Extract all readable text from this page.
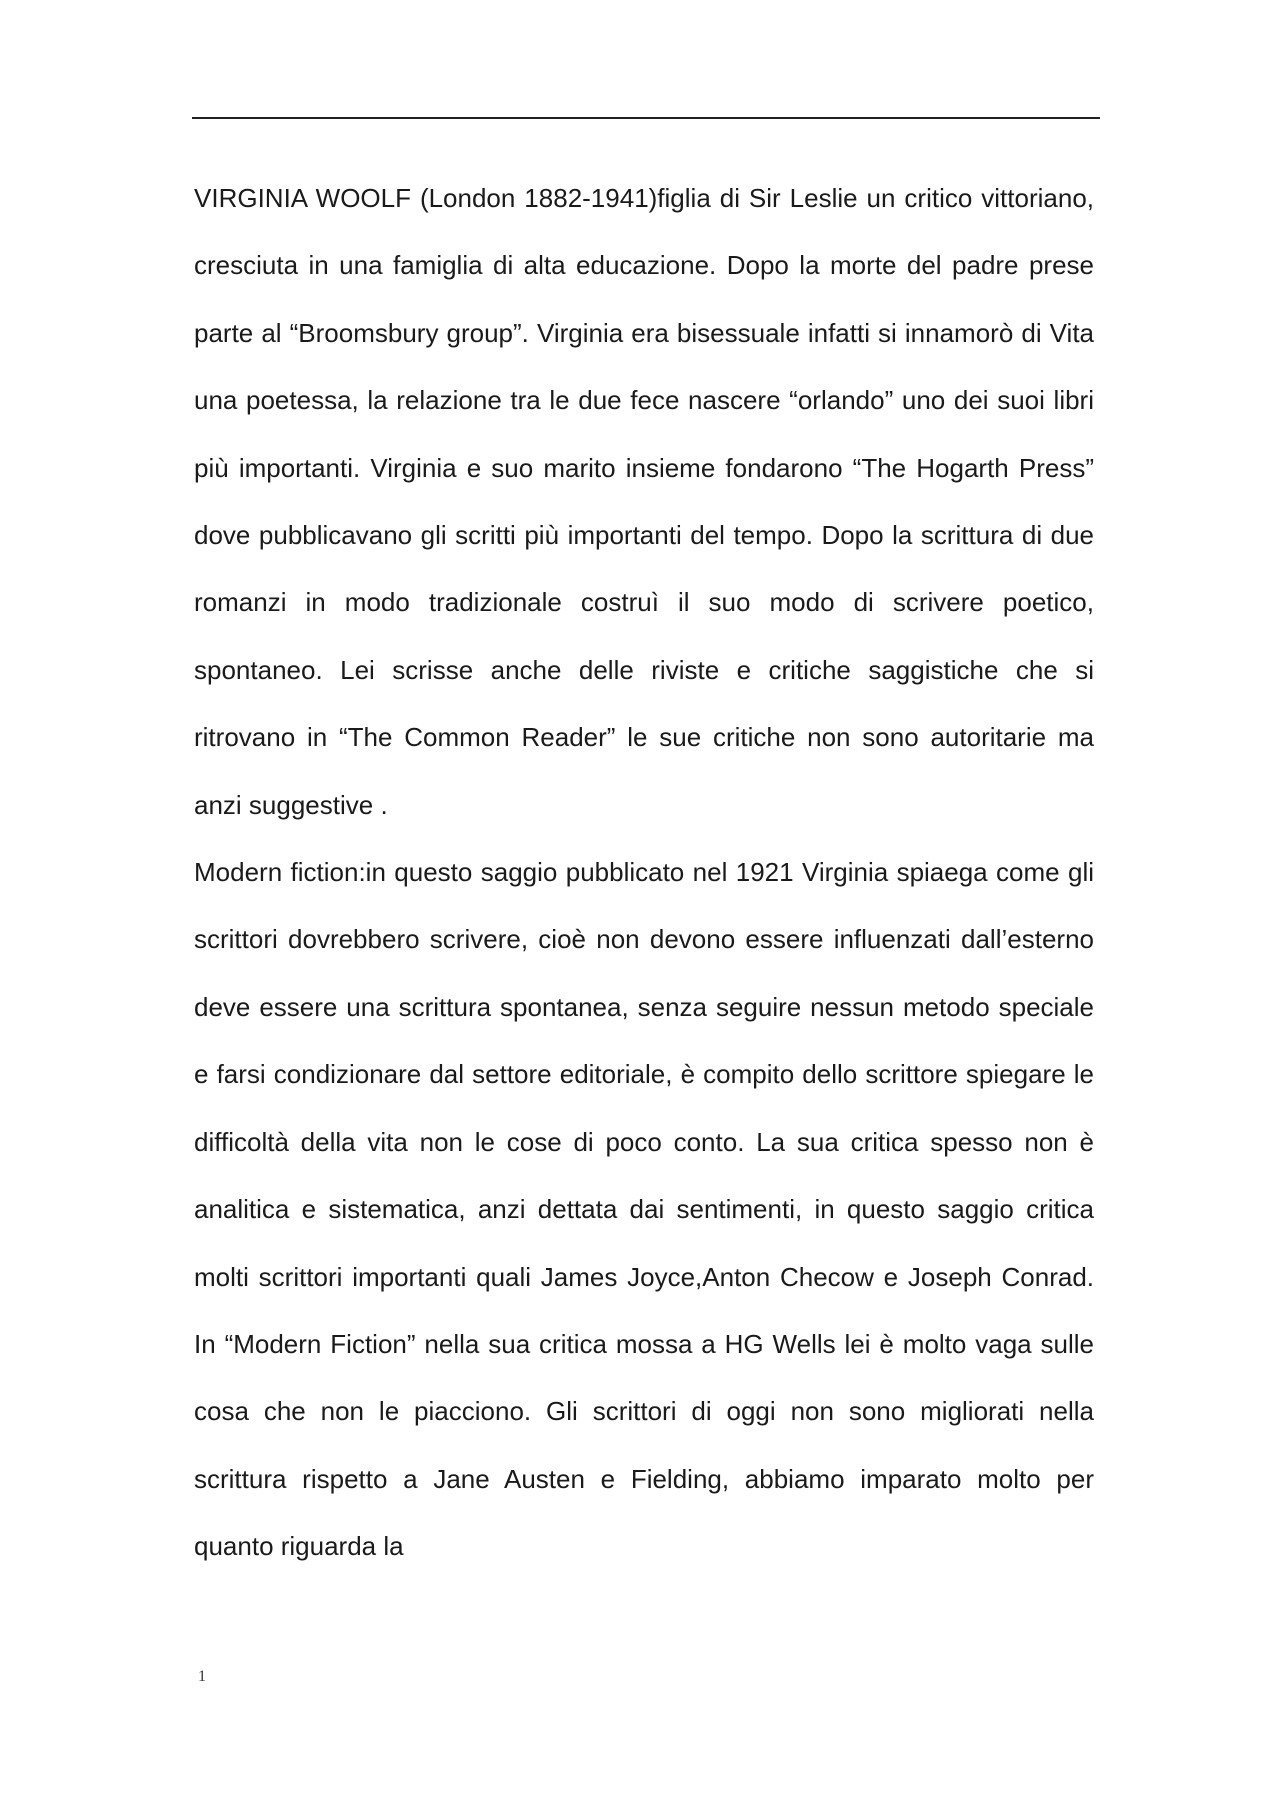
VIRGINIA WOOLF (London 1882-1941)figlia di Sir Leslie un critico vittoriano, cresciuta in una famiglia di alta educazione. Dopo la morte del padre prese parte al “Broomsbury group”. Virginia era bisessuale infatti si innamorò di Vita una poetessa, la relazione tra le due fece nascere “orlando” uno dei suoi libri più importanti. Virginia e suo marito insieme fondarono “The Hogarth Press” dove pubblicavano gli scritti più importanti del tempo. Dopo la scrittura di due romanzi in modo tradizionale costruì il suo modo di scrivere poetico, spontaneo. Lei scrisse anche delle riviste e critiche saggistiche che si ritrovano in “The Common Reader” le sue critiche non sono autoritarie ma anzi suggestive .

Modern fiction:in questo saggio pubblicato nel 1921 Virginia spiaega come gli scrittori dovrebbero scrivere, cioè non devono essere influenzati dall’esterno deve essere una scrittura spontanea, senza seguire nessun metodo speciale e farsi condizionare dal settore editoriale, è compito dello scrittore spiegare le difficoltà della vita non le cose di poco conto. La sua critica spesso non è analitica e sistematica, anzi dettata dai sentimenti, in questo saggio critica molti scrittori importanti quali James Joyce,Anton Checow e Joseph Conrad. In “Modern Fiction” nella sua critica mossa a HG Wells lei è molto vaga sulle cosa che non le piacciono. Gli scrittori di oggi non sono migliorati nella scrittura rispetto a Jane Austen e Fielding, abbiamo imparato molto per quanto riguarda la

1
